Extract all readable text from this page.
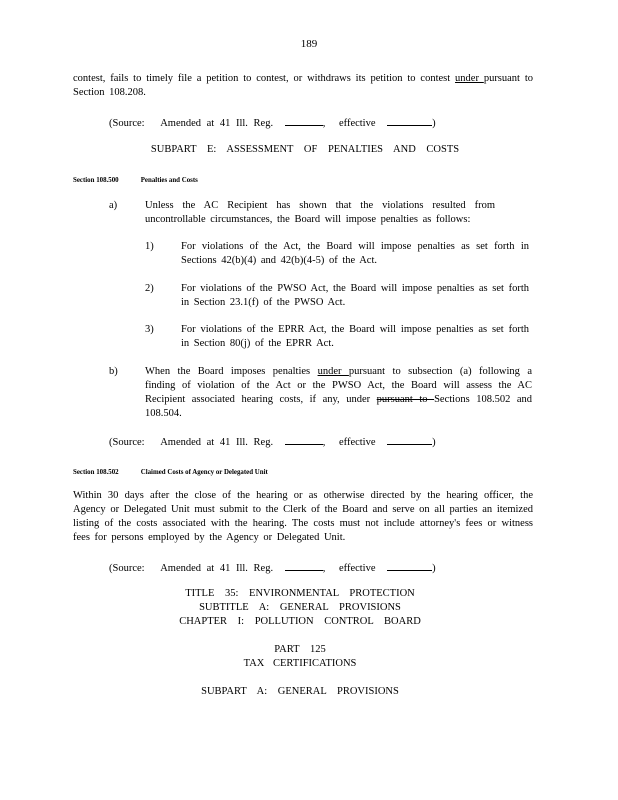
189
contest, fails to timely file a petition to contest, or withdraws its petition to contest under pursuant to Section 108.208.
(Source: Amended at 41 Ill. Reg.	, effective	)
SUBPART E: ASSESSMENT OF PENALTIES AND COSTS
Section 108.500	Penalties and Costs
a)	Unless the AC Recipient has shown that the violations resulted from uncontrollable circumstances, the Board will impose penalties as follows:
1)	For violations of the Act, the Board will impose penalties as set forth in Sections 42(b)(4) and 42(b)(4-5) of the Act.
2)	For violations of the PWSO Act, the Board will impose penalties as set forth in Section 23.1(f) of the PWSO Act.
3)	For violations of the EPRR Act, the Board will impose penalties as set forth in Section 80(j) of the EPRR Act.
b)	When the Board imposes penalties under pursuant to subsection (a) following a finding of violation of the Act or the PWSO Act, the Board will assess the AC Recipient associated hearing costs, if any, under pursuant to Sections 108.502 and 108.504.
(Source: Amended at 41 Ill. Reg.	, effective	)
Section 108.502	Claimed Costs of Agency or Delegated Unit
Within 30 days after the close of the hearing or as otherwise directed by the hearing officer, the Agency or Delegated Unit must submit to the Clerk of the Board and serve on all parties an itemized listing of the costs associated with the hearing. The costs must not include attorney's fees or witness fees for persons employed by the Agency or Delegated Unit.
(Source: Amended at 41 Ill. Reg.	, effective	)
TITLE 35: ENVIRONMENTAL PROTECTION
SUBTITLE A: GENERAL PROVISIONS
CHAPTER I: POLLUTION CONTROL BOARD
PART 125
TAX CERTIFICATIONS
SUBPART A: GENERAL PROVISIONS
